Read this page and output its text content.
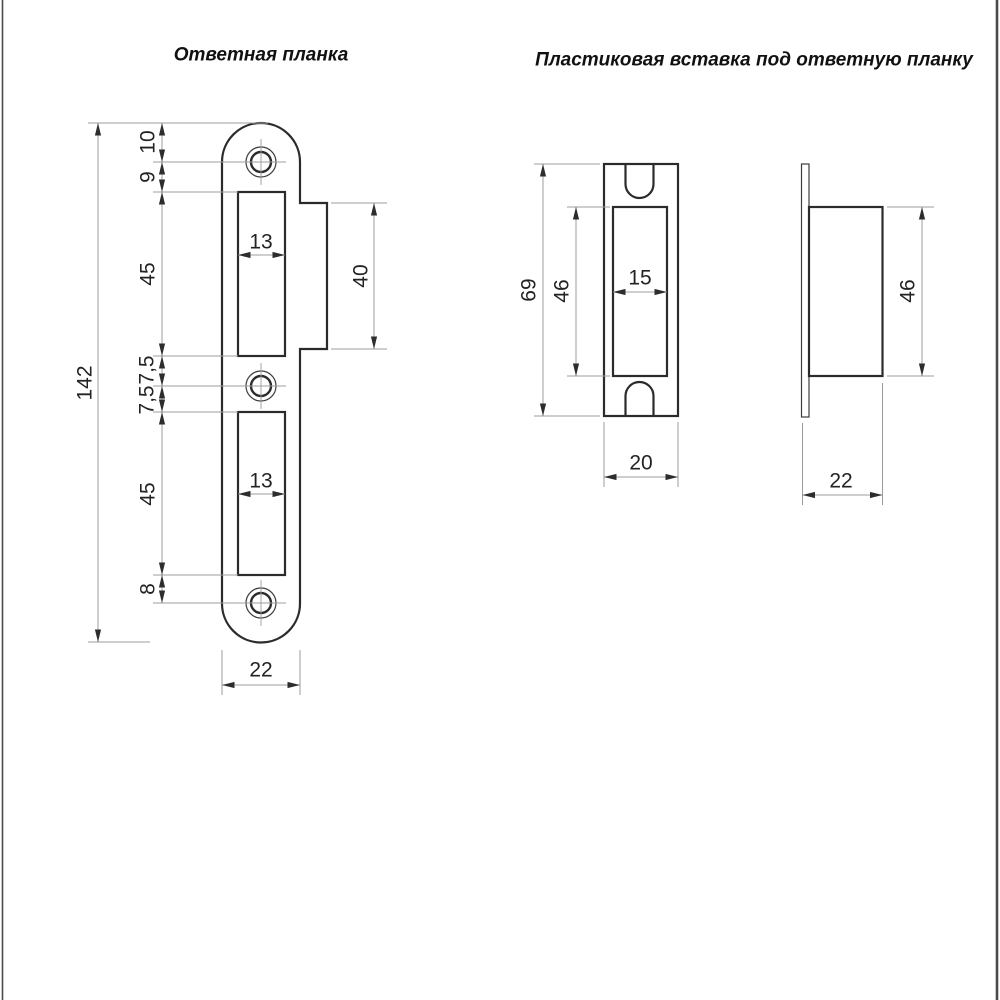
Ответная планка	Пластиковая вставка под ответную планку
142
10
9
45
7,5
7,5
45
8
40
13
13
22
69 46
15
20
46
22
